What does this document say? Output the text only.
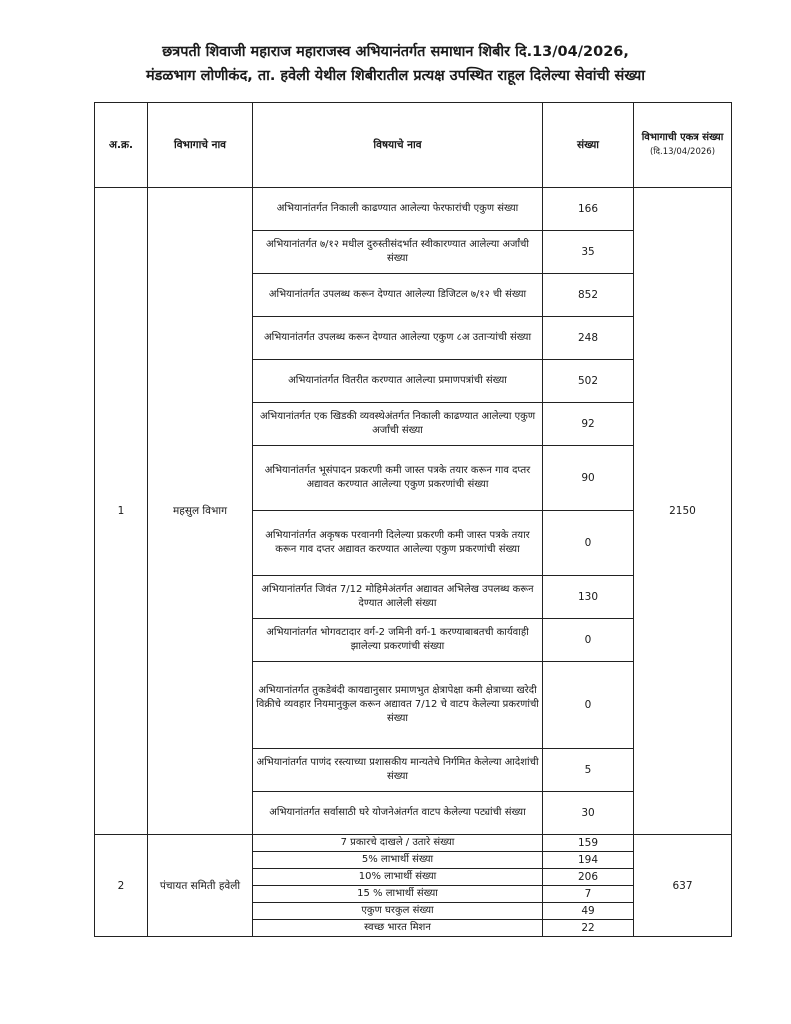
छत्रपती शिवाजी महाराज महाराजस्व अभियानंतर्गत समाधान शिबीर दि.13/04/2026,
मंडळभाग लोणीकंद, ता. हवेली येथील शिबीरातील प्रत्यक्ष उपस्थित राहूल दिलेल्या सेवांची संख्या
अ.क्र.	विभागाचे नाव	विषयाचे नाव	संख्या	विभागाची एकत्र संख्या
(दि.13/04/2026)

1	महसुल विभाग	अभियानांतर्गत निकाली काढण्यात आलेल्या फेरफारांची एकुण संख्या	166	2150
		अभियानांतर्गत ७/१२ मधील दुरुस्तीसंदर्भात स्वीकारण्यात आलेल्या अर्जांची संख्या	35	
		अभियानांतर्गत उपलब्ध करून देण्यात आलेल्या डिजिटल ७/१२ ची संख्या	852	
		अभियानांतर्गत उपलब्ध करून देण्यात आलेल्या एकुण ८अ उताऱ्यांची संख्या	248	
		अभियानांतर्गत वितरीत करण्यात आलेल्या प्रमाणपत्रांची संख्या	502	
		अभियानांतर्गत एक खिडकी व्यवस्थेअंतर्गत निकाली काढण्यात आलेल्या एकुण अर्जांची संख्या	92	
		अभियानांतर्गत भूसंपादन प्रकरणी कमी जास्त पत्रके तयार करून गाव दप्तर अद्यावत करण्यात आलेल्या एकुण प्रकरणांची संख्या	90	
		अभियानांतर्गत अकृषक परवानगी दिलेल्या प्रकरणी कमी जास्त पत्रके तयार करून गाव दप्तर अद्यावत करण्यात आलेल्या एकुण प्रकरणांची संख्या	0	
		अभियानांतर्गत जिवंत 7/12 मोहिमेअंतर्गत अद्यावत अभिलेख उपलब्ध करून देण्यात आलेली संख्या	130	
		अभियानांतर्गत भोगवटादार वर्ग-2 जमिनी वर्ग-1 करण्याबाबतची कार्यवाही झालेल्या प्रकरणांची संख्या	0	
		अभियानांतर्गत तुकडेबंदी कायद्यानुसार प्रमाणभुत क्षेत्रापेक्षा कमी क्षेत्राच्या खरेदी विक्रीचे व्यवहार नियमानुकुल करून अद्यावत 7/12 चे वाटप केलेल्या प्रकरणांची संख्या	0	
		अभियानांतर्गत पाणंद रस्त्याच्या प्रशासकीय मान्यतेचे निर्गमित केलेल्या आदेशांची संख्या	5	
		अभियानांतर्गत सर्वासाठी घरे योजनेअंतर्गत वाटप केलेल्या पट्यांची संख्या	30	
2	पंचायत समिती हवेली	7 प्रकारचे दाखले / उतारे संख्या	159	637
		5% लाभार्थी संख्या	194	
		10% लाभार्थी संख्या	206	
		15 % लाभार्थी संख्या	7	
		एकुण घरकुल संख्या	49	
		स्वच्छ भारत मिशन	22	
